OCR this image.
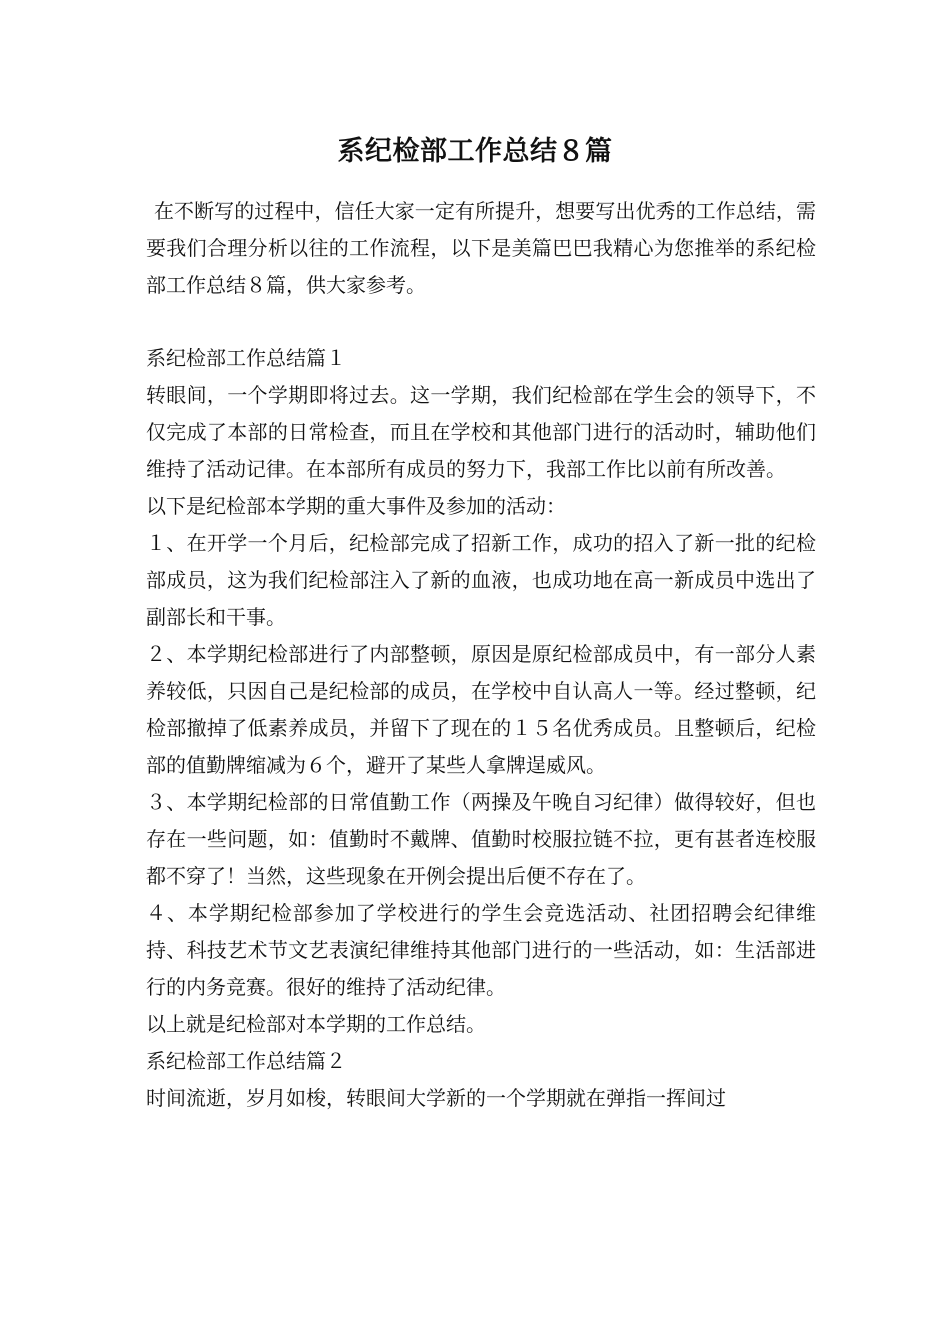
系纪检部工作总结８篇

在不断写的过程中，信任大家一定有所提升，想要写出优秀的工作总结，需要我们合理分析以往的工作流程，以下是美篇巴巴我精心为您推举的系纪检部工作总结８篇，供大家参考。

系纪检部工作总结篇１

转眼间，一个学期即将过去。这一学期，我们纪检部在学生会的领导下，不仅完成了本部的日常检查，而且在学校和其他部门进行的活动时，辅助他们维持了活动记律。在本部所有成员的努力下，我部工作比以前有所改善。

以下是纪检部本学期的重大事件及参加的活动：

１、在开学一个月后，纪检部完成了招新工作，成功的招入了新一批的纪检部成员，这为我们纪检部注入了新的血液，也成功地在高一新成员中选出了副部长和干事。

２、本学期纪检部进行了内部整顿，原因是原纪检部成员中，有一部分人素养较低，只因自己是纪检部的成员，在学校中自认高人一等。经过整顿，纪检部撤掉了低素养成员，并留下了现在的１５名优秀成员。且整顿后，纪检部的值勤牌缩减为６个，避开了某些人拿牌逞威风。

３、本学期纪检部的日常值勤工作（两操及午晚自习纪律）做得较好，但也存在一些问题，如：值勤时不戴牌、值勤时校服拉链不拉，更有甚者连校服都不穿了！当然，这些现象在开例会提出后便不存在了。

４、本学期纪检部参加了学校进行的学生会竞选活动、社团招聘会纪律维持、科技艺术节文艺表演纪律维持其他部门进行的一些活动，如：生活部进行的内务竞赛。很好的维持了活动纪律。

以上就是纪检部对本学期的工作总结。

系纪检部工作总结篇２

时间流逝，岁月如梭，转眼间大学新的一个学期就在弹指一挥间过
